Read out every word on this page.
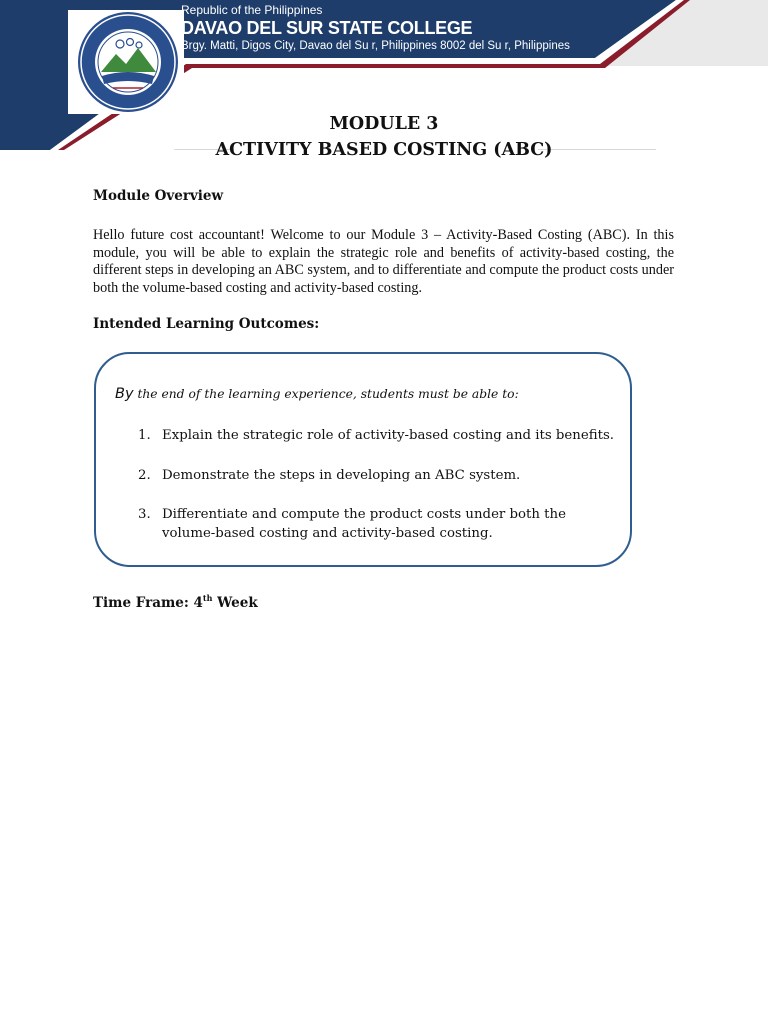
Republic of the Philippines
DAVAO DEL SUR STATE COLLEGE
Brgy. Matti, Digos City, Davao del Su r, Philippines 8002 del Su r, Philippines
MODULE 3
ACTIVITY BASED COSTING (ABC)
Module Overview

Hello future cost accountant! Welcome to our Module 3 – Activity-Based Costing (ABC). In this module, you will be able to explain the strategic role and benefits of activity-based costing, the different steps in developing an ABC system, and to differentiate and compute the product costs under both the volume-based costing and activity-based costing.

Intended Learning Outcomes:
By the end of the learning experience, students must be able to:
1. Explain the strategic role of activity-based costing and its benefits.
2. Demonstrate the steps in developing an ABC system.
3. Differentiate and compute the product costs under both the volume-based costing and activity-based costing.
Time Frame: 4th Week
